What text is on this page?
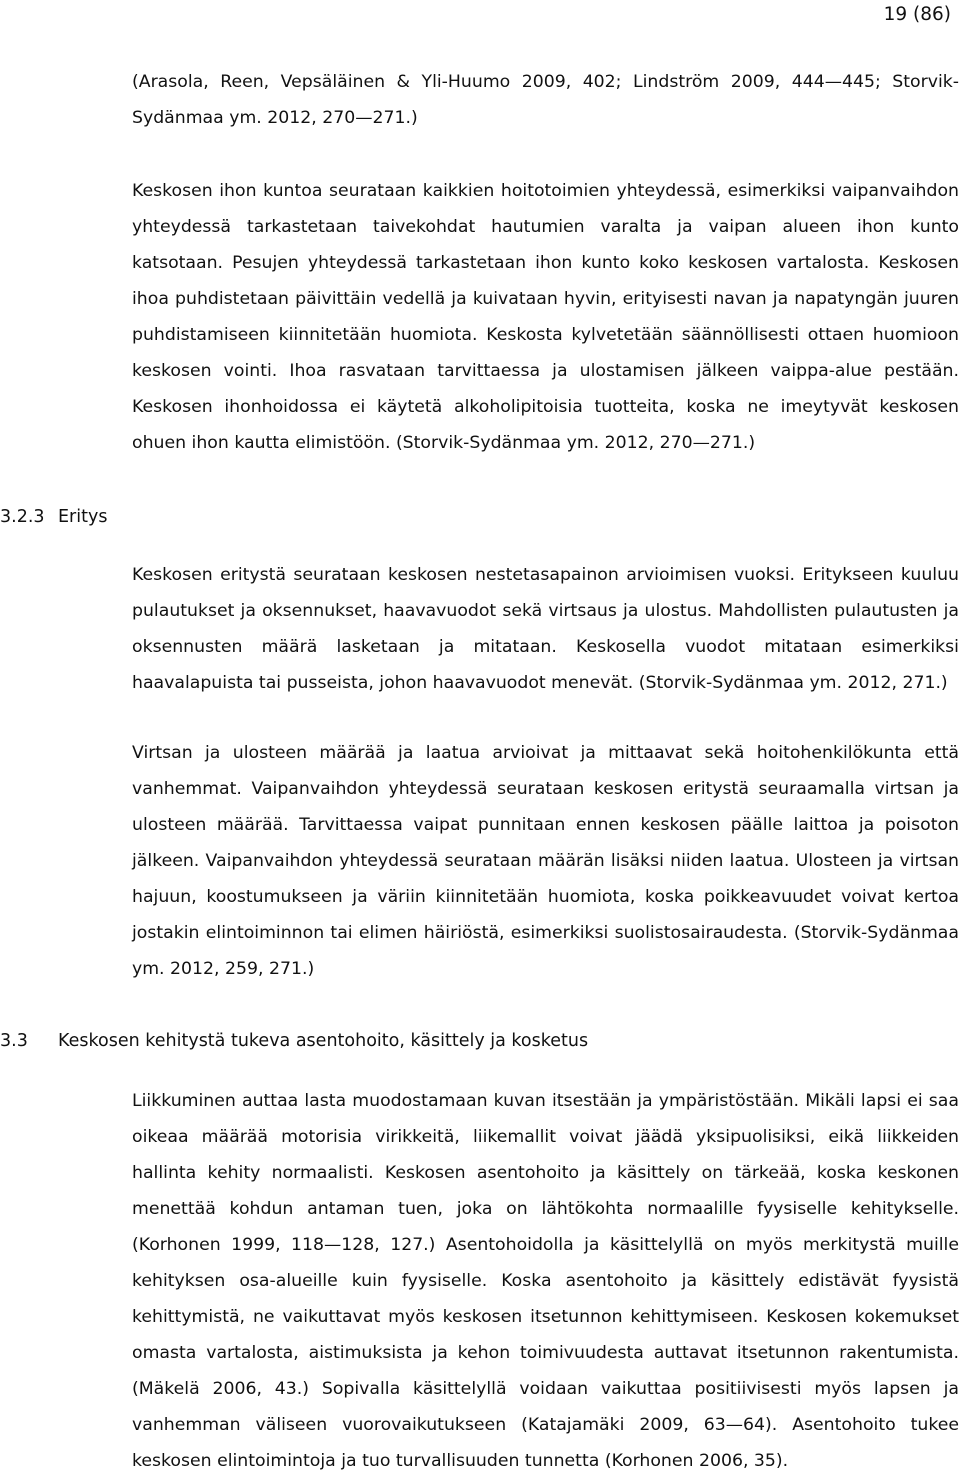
19 (86)

(Arasola, Reen, Vepsäläinen & Yli-Huumo 2009, 402; Lindström 2009, 444—445; Storvik-Sydänmaa ym. 2012, 270—271.)

Keskosen ihon kuntoa seurataan kaikkien hoitotoimien yhteydessä, esimerkiksi vaipanvaihdon yhteydessä tarkastetaan taivekohdat hautumien varalta ja vaipan alueen ihon kunto katsotaan. Pesujen yhteydessä tarkastetaan ihon kunto koko keskosen vartalosta. Keskosen ihoa puhdistetaan päivittäin vedellä ja kuivataan hyvin, erityisesti navan ja napatyngän juuren puhdistamiseen kiinnitetään huomiota. Keskosta kylvetetään säännöllisesti ottaen huomioon keskosen vointi. Ihoa rasvataan tarvittaessa ja ulostamisen jälkeen vaippa-alue pestään. Keskosen ihonhoidossa ei käytetä alkoholipitoisia tuotteita, koska ne imeytyvät keskosen ohuen ihon kautta elimistöön. (Storvik-Sydänmaa ym. 2012, 270—271.)

3.2.3 Eritys

Keskosen eritystä seurataan keskosen nestetasapainon arvioimisen vuoksi. Eritykseen kuuluu pulautukset ja oksennukset, haavavuodot sekä virtsaus ja ulostus. Mahdollisten pulautusten ja oksennusten määrä lasketaan ja mitataan. Keskosella vuodot mitataan esimerkiksi haavalapuista tai pusseista, johon haavavuodot menevät. (Storvik-Sydänmaa ym. 2012, 271.)

Virtsan ja ulosteen määrää ja laatua arvioivat ja mittaavat sekä hoitohenkilökunta että vanhemmat. Vaipanvaihdon yhteydessä seurataan keskosen eritystä seuraamalla virtsan ja ulosteen määrää. Tarvittaessa vaipat punnitaan ennen keskosen päälle laittoa ja poisoton jälkeen. Vaipanvaihdon yhteydessä seurataan määrän lisäksi niiden laatua. Ulosteen ja virtsan hajuun, koostumukseen ja väriin kiinnitetään huomiota, koska poikkeavuudet voivat kertoa jostakin elintoiminnon tai elimen häiriöstä, esimerkiksi suolistosairaudesta. (Storvik-Sydänmaa ym. 2012, 259, 271.)

3.3 Keskosen kehitystä tukeva asentohoito, käsittely ja kosketus

Liikkuminen auttaa lasta muodostamaan kuvan itsestään ja ympäristöstään. Mikäli lapsi ei saa oikeaa määrää motorisia virikkeitä, liikemallit voivat jäädä yksipuolisiksi, eikä liikkeiden hallinta kehity normaalisti. Keskosen asentohoito ja käsittely on tärkeää, koska keskonen menettää kohdun antaman tuen, joka on lähtökohta normaalille fyysiselle kehitykselle. (Korhonen 1999, 118—128, 127.) Asentohoidolla ja käsittelyllä on myös merkitystä muille kehityksen osa-alueille kuin fyysiselle. Koska asentohoito ja käsittely edistävät fyysistä kehittymistä, ne vaikuttavat myös keskosen itsetunnon kehittymiseen. Keskosen kokemukset omasta vartalosta, aistimuksista ja kehon toimivuudesta auttavat itsetunnon rakentumista. (Mäkelä 2006, 43.) Sopivalla käsittelyllä voidaan vaikuttaa positiivisesti myös lapsen ja vanhemman väliseen vuorovaikutukseen (Katajamäki 2009, 63—64). Asentohoito tukee keskosen elintoimintoja ja tuo turvallisuuden tunnetta (Korhonen 2006, 35).
